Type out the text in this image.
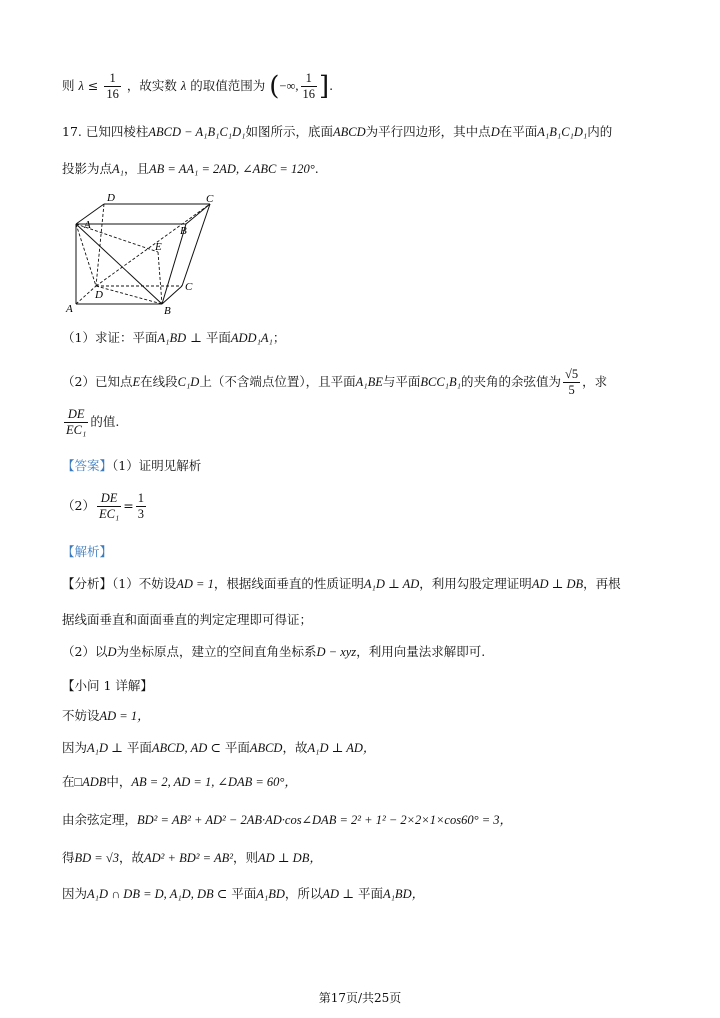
则 $\lambda \le \frac{1}{16}$ ，故实数 λ 的取值范围为 (−∞, $\frac{1}{16}$ ].
17. 已知四棱柱ABCD − A₁B₁C₁D₁如图所示，底面ABCD为平行四边形，其中点D在平面A₁B₁C₁D₁内的
投影为点A₁，且AB = AA₁ = 2AD, ∠ABC = 120°.
A	B
C
D
A	B
C
D
E
（1）求证：平面A₁BD ⊥ 平面ADD₁A₁；
（2）已知点E在线段C₁D上（不含端点位置），且平面A₁BE与平面BCC₁B₁的夹角的余弦值为 $\frac{√5}{5}$ ，求
$\frac{DE}{\text{EC₁}}$ 的值.
【答案】（1）证明见解析
$(2) \frac{DE}{\text{EC₁}} = \frac{1}{3}$
【解析】
【分析】（1）不妨设AD = 1，根据线面垂直的性质证明A₁D ⊥ AD，利用勾股定理证明AD ⊥ DB，再根
据线面垂直和面面垂直的判定定理即可得证；
（2）以D为坐标原点，建立的空间直角坐标系D − xyz，利用向量法求解即可.
【小问 1 详解】
不妨设AD = 1，
因为A₁D ⊥ 平面ABCD, AD ⊂ 平面ABCD，故A₁D ⊥ AD，
在□ADB中，AB = 2, AD = 1, ∠DAB = 60°，
由余弦定理，BD² = AB² + AD² − 2AB·AD·cos∠DAB = 2² + 1² − 2×2×1×cos60° = 3，
得BD = √3，故AD² + BD² = AB²，则AD ⊥ DB，
因为A₁D ∩ DB = D, A₁D, DB ⊂ 平面A₁BD，所以AD ⊥ 平面A₁BD，
第17页/共25页
